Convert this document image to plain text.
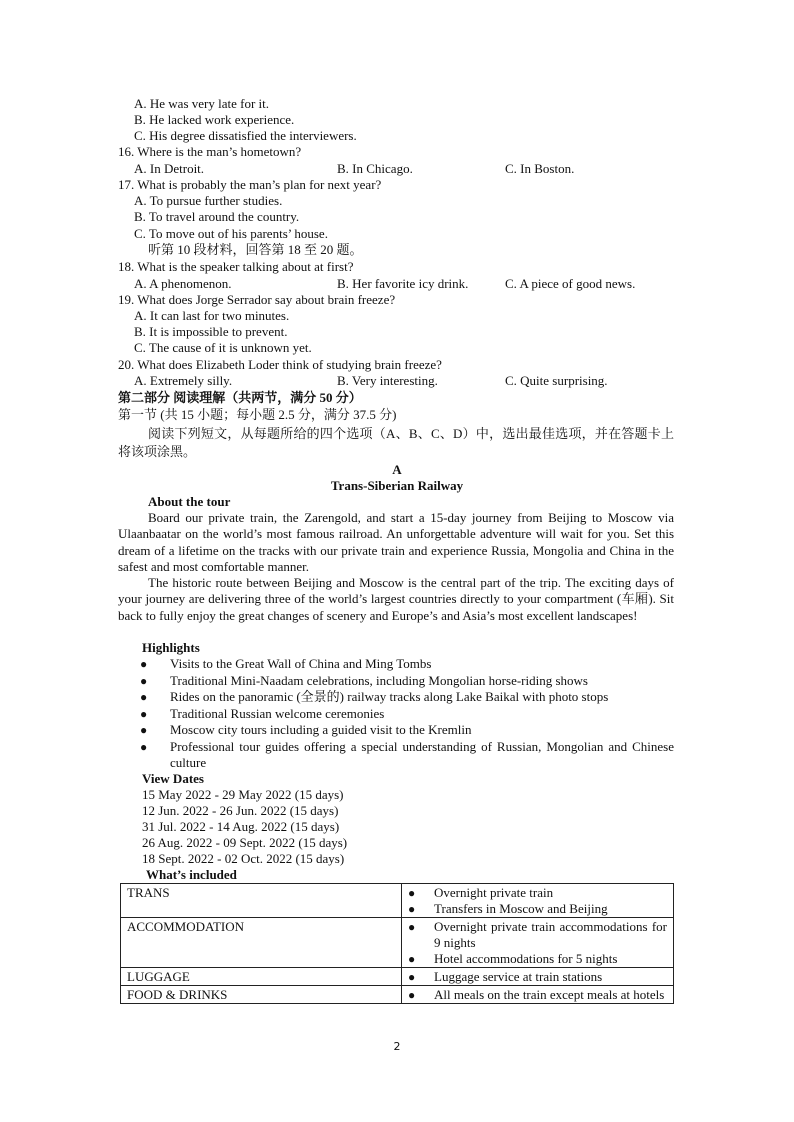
A. He was very late for it.
B. He lacked work experience.
C. His degree dissatisfied the interviewers.
16. Where is the man’s hometown?
A. In Detroit.	B. In Chicago.	C. In Boston.
17. What is probably the man’s plan for next year?
A. To pursue further studies.
B. To travel around the country.
C. To move out of his parents’ house.
听第 10 段材料，回答第 18 至 20 题。
18. What is the speaker talking about at first?
A. A phenomenon.	B. Her favorite icy drink.	C. A piece of good news.
19. What does Jorge Serrador say about brain freeze?
A. It can last for two minutes.
B. It is impossible to prevent.
C. The cause of it is unknown yet.
20. What does Elizabeth Loder think of studying brain freeze?
A. Extremely silly.	B. Very interesting.	C. Quite surprising.
第二部分 阅读理解（共两节，满分 50 分）
第一节 (共 15 小题；每小题 2.5 分，满分 37.5 分)
阅读下列短文，从每题所给的四个选项（A、B、C、D）中，选出最佳选项，并在答题卡上将该项涂黑。
A
Trans-Siberian Railway
About the tour
Board our private train, the Zarengold, and start a 15-day journey from Beijing to Moscow via Ulaanbaatar on the world’s most famous railroad. An unforgettable adventure will wait for you. Set this dream of a lifetime on the tracks with our private train and experience Russia, Mongolia and China in the safest and most comfortable manner.
The historic route between Beijing and Moscow is the central part of the trip. The exciting days of your journey are delivering three of the world’s largest countries directly to your compartment (车厢). Sit back to fully enjoy the great changes of scenery and Europe’s and Asia’s most excellent landscapes!
Highlights
● Visits to the Great Wall of China and Ming Tombs
● Traditional Mini-Naadam celebrations, including Mongolian horse-riding shows
● Rides on the panoramic (全景的) railway tracks along Lake Baikal with photo stops
● Traditional Russian welcome ceremonies
● Moscow city tours including a guided visit to the Kremlin
● Professional tour guides offering a special understanding of Russian, Mongolian and Chinese culture
View Dates
15 May 2022 - 29 May 2022 (15 days)
12 Jun. 2022 - 26 Jun. 2022 (15 days)
31 Jul. 2022 - 14 Aug. 2022 (15 days)
26 Aug. 2022 - 09 Sept. 2022 (15 days)
18 Sept. 2022 - 02 Oct. 2022 (15 days)
What’s included
TRANS	● Overnight private train
● Transfers in Moscow and Beijing

ACCOMMODATION	● Overnight private train accommodations for 9 nights
● Hotel accommodations for 5 nights

LUGGAGE	● Luggage service at train stations

FOOD & DRINKS	● All meals on the train except meals at hotels
2
